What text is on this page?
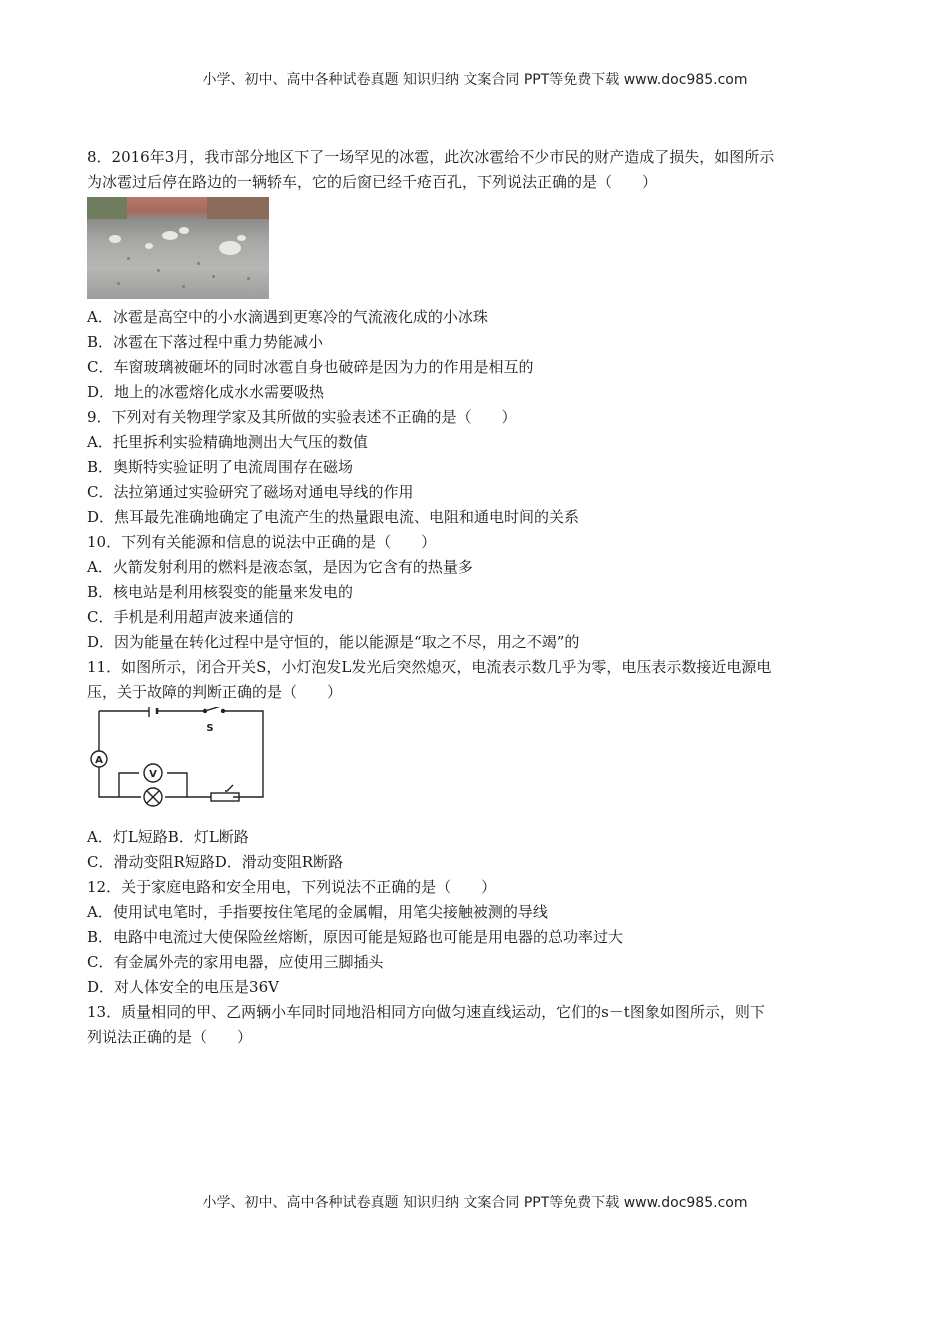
小学、初中、高中各种试卷真题 知识归纳 文案合同 PPT等免费下载 www.doc985.com
8．2016年3月，我市部分地区下了一场罕见的冰雹，此次冰雹给不少市民的财产造成了损失，如图所示
为冰雹过后停在路边的一辆轿车，它的后窗已经千疮百孔，下列说法正确的是（　　）
A．冰雹是高空中的小水滴遇到更寒冷的气流液化成的小冰珠
B．冰雹在下落过程中重力势能减小
C．车窗玻璃被砸坏的同时冰雹自身也破碎是因为力的作用是相互的
D．地上的冰雹熔化成水水需要吸热
9．下列对有关物理学家及其所做的实验表述不正确的是（　　）
A．托里拆利实验精确地测出大气压的数值
B．奥斯特实验证明了电流周围存在磁场
C．法拉第通过实验研究了磁场对通电导线的作用
D．焦耳最先准确地确定了电流产生的热量跟电流、电阻和通电时间的关系
10．下列有关能源和信息的说法中正确的是（　　）
A．火箭发射利用的燃料是液态氢，是因为它含有的热量多
B．核电站是利用核裂变的能量来发电的
C．手机是利用超声波来通信的
D．因为能量在转化过程中是守恒的，能以能源是“取之不尽，用之不竭”的
11．如图所示，闭合开关S，小灯泡发L发光后突然熄灭，电流表示数几乎为零，电压表示数接近电源电
压，关于故障的判断正确的是（　　）
A
V
S
A．灯L短路B．灯L断路
C．滑动变阻R短路D．滑动变阻R断路
12．关于家庭电路和安全用电，下列说法不正确的是（　　）
A．使用试电笔时，手指要按住笔尾的金属帽，用笔尖接触被测的导线
B．电路中电流过大使保险丝熔断，原因可能是短路也可能是用电器的总功率过大
C．有金属外壳的家用电器，应使用三脚插头
D．对人体安全的电压是36V
13．质量相同的甲、乙两辆小车同时同地沿相同方向做匀速直线运动，它们的s－t图象如图所示，则下
列说法正确的是（　　）
小学、初中、高中各种试卷真题 知识归纳 文案合同 PPT等免费下载 www.doc985.com
